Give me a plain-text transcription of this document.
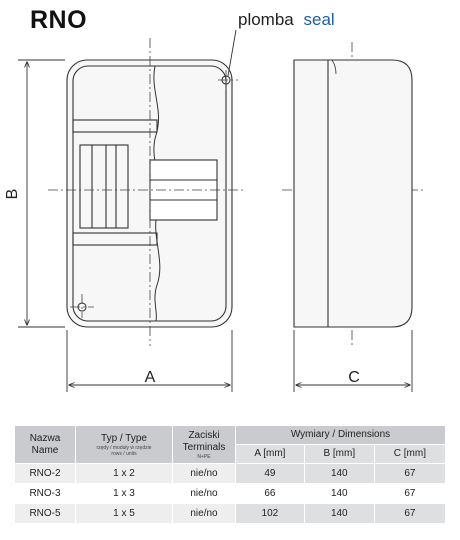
RNO
B
A	C
plomba seal
Nazwa
Name	Typ / Type
rzędy / moduły w rzędzie
rows / units	Zaciski
Terminals
N+PE	Wymiary / Dimensions		
			A [mm]	B [mm]	C [mm]
RNO-2	1 x 2	nie/no	49	140	67
RNO-3	1 x 3	nie/no	66	140	67
RNO-5	1 x 5	nie/no	102	140	67
